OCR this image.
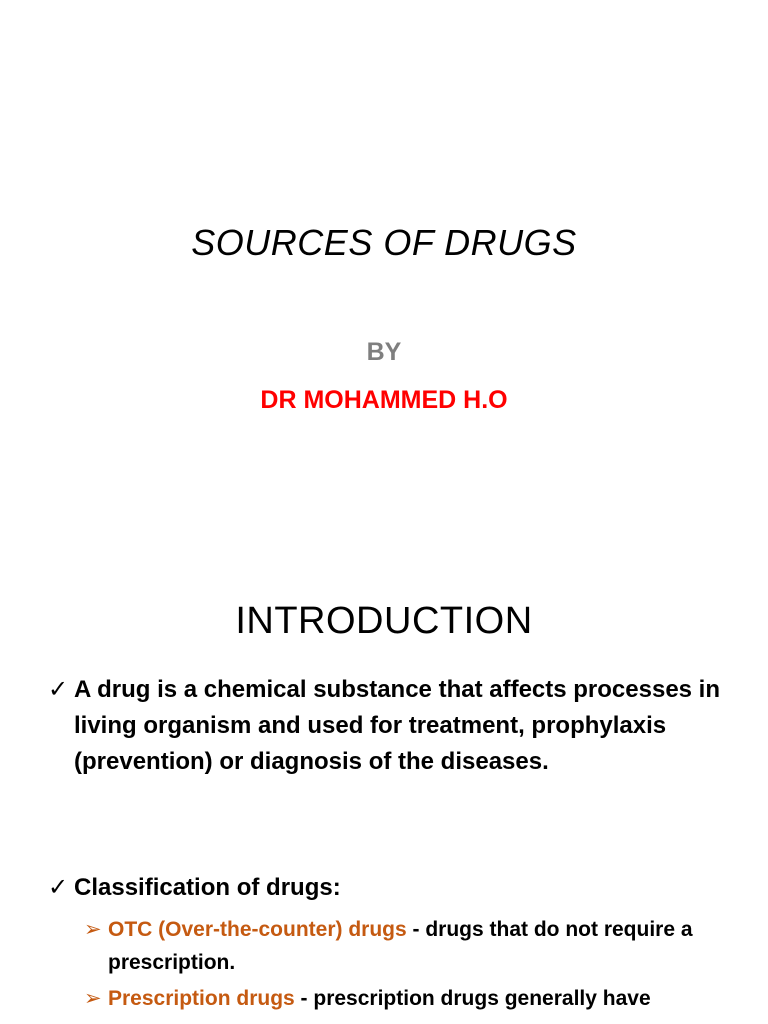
SOURCES OF DRUGS
BY
DR MOHAMMED H.O
INTRODUCTION
✓ A drug is a chemical substance that affects processes in living organism and used for treatment, prophylaxis (prevention) or diagnosis of the diseases.
✓ Classification of drugs:
➢ OTC (Over-the-counter) drugs - drugs that do not require a prescription.
➢ Prescription drugs - prescription drugs generally have
